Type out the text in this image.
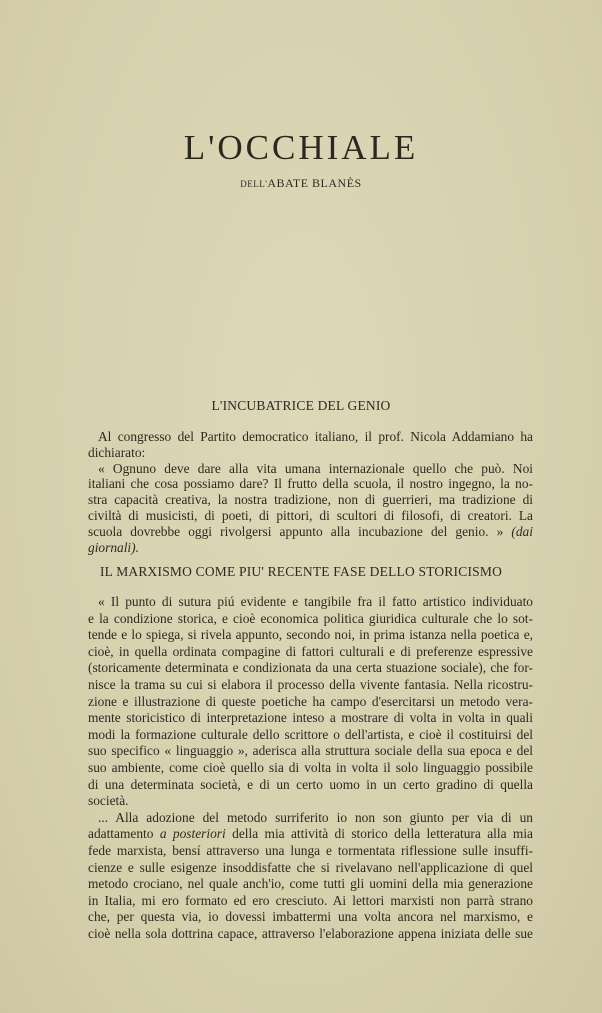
L'OCCHIALE
DELL'ABATE BLANÈS
L'INCUBATRICE DEL GENIO
Al congresso del Partito democratico italiano, il prof. Nicola Addamiano ha
dichiarato:
« Ognuno deve dare alla vita umana internazionale quello che può. Noi
italiani che cosa possiamo dare? Il frutto della scuola, il nostro ingegno, la no-
stra capacità creativa, la nostra tradizione, non di guerrieri, ma tradizione di
civiltà di musicisti, di poeti, di pittori, di scultori di filosofi, di creatori. La
scuola dovrebbe oggi rivolgersi appunto alla incubazione del genio. » (dai giornali).
IL MARXISMO COME PIU' RECENTE FASE DELLO STORICISMO
« Il punto di sutura piú evidente e tangibile fra il fatto artistico individuato
e la condizione storica, e cioè economica politica giuridica culturale che lo sot-
tende e lo spiega, si rivela appunto, secondo noi, in prima istanza nella poetica e,
cioè, in quella ordinata compagine di fattori culturali e di preferenze espressive
(storicamente determinata e condizionata da una certa stuazione sociale), che for-
nisce la trama su cui si elabora il processo della vivente fantasia. Nella ricostru-
zione e illustrazione di queste poetiche ha campo d'esercitarsi un metodo vera-
mente storicistico di interpretazione inteso a mostrare di volta in volta in quali
modi la formazione culturale dello scrittore o dell'artista, e cioè il costituirsi del
suo specifico « linguaggio », aderisca alla struttura sociale della sua epoca e del
suo ambiente, come cioè quello sia di volta in volta il solo linguaggio possibile
di una determinata società, e di un certo uomo in un certo gradino di quella
società.
... Alla adozione del metodo surriferito io non son giunto per via di un
adattamento a posteriori della mia attività di storico della letteratura alla mia
fede marxista, bensí attraverso una lunga e tormentata riflessione sulle insuffi-
cienze e sulle esigenze insoddisfatte che si rivelavano nell'applicazione di quel
metodo crociano, nel quale anch'io, come tutti gli uomini della mia generazione
in Italia, mi ero formato ed ero cresciuto. Ai lettori marxisti non parrà strano
che, per questa via, io dovessi imbattermi una volta ancora nel marxismo, e
cioè nella sola dottrina capace, attraverso l'elaborazione appena iniziata delle sue
